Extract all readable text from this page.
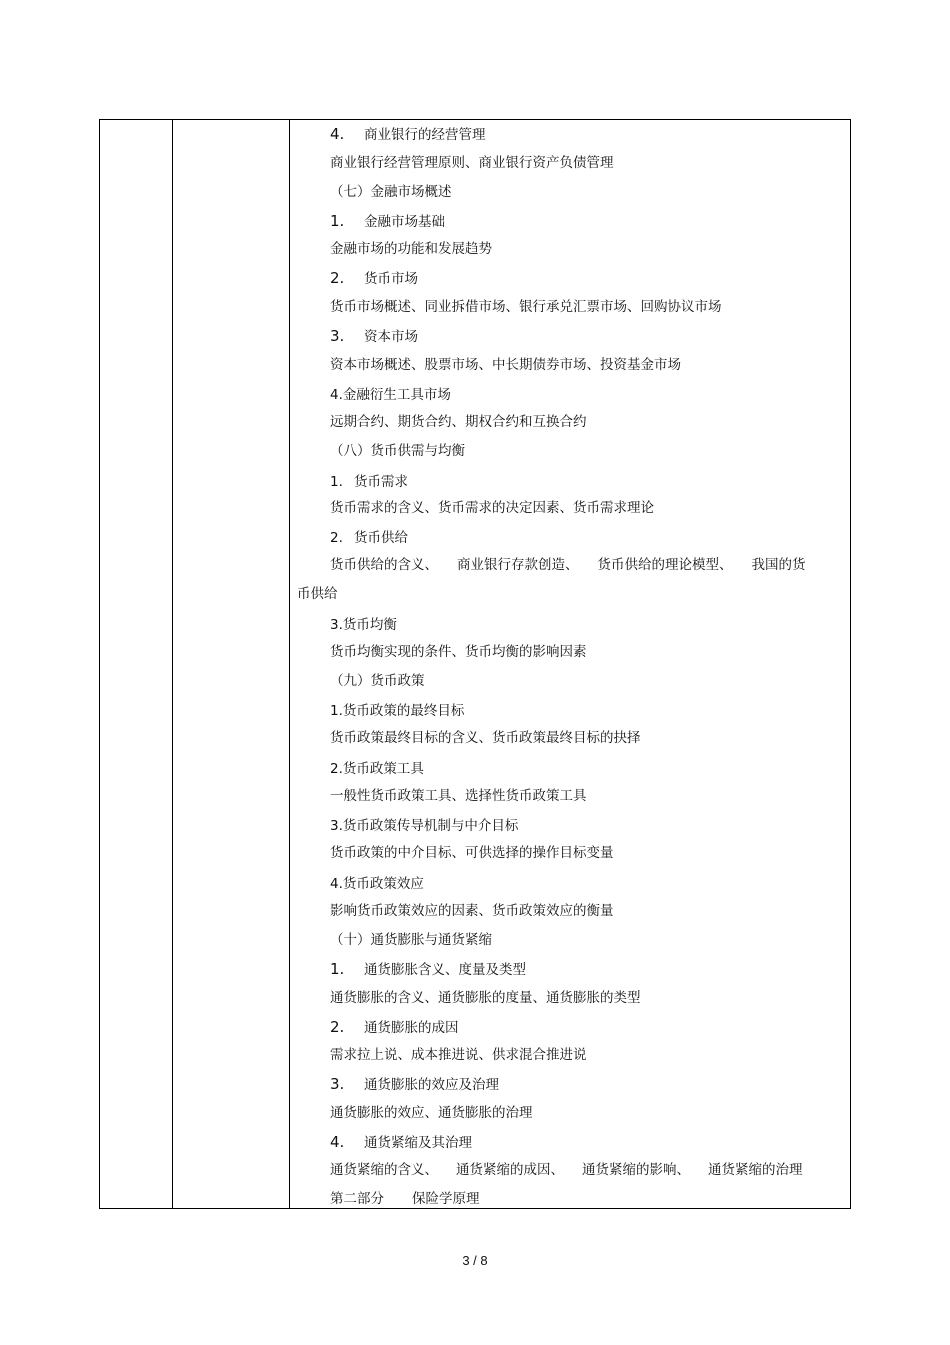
4. 商业银行的经营管理
商业银行经营管理原则、商业银行资产负债管理
（七）金融市场概述
1. 金融市场基础
金融市场的功能和发展趋势
2. 货币市场
货币市场概述、同业拆借市场、银行承兑汇票市场、回购协议市场
3. 资本市场
资本市场概述、股票市场、中长期债券市场、投资基金市场
4.金融衍生工具市场
远期合约、期货合约、期权合约和互换合约
（八）货币供需与均衡
1. 货币需求
货币需求的含义、货币需求的决定因素、货币需求理论
2. 货币供给
货币供给的含义、 商业银行存款创造、 货币供给的理论模型、 我国的货
币供给
3.货币均衡
货币均衡实现的条件、货币均衡的影响因素
（九）货币政策
1.货币政策的最终目标
货币政策最终目标的含义、货币政策最终目标的抉择
2.货币政策工具
一般性货币政策工具、选择性货币政策工具
3.货币政策传导机制与中介目标
货币政策的中介目标、可供选择的操作目标变量
4.货币政策效应
影响货币政策效应的因素、货币政策效应的衡量
（十）通货膨胀与通货紧缩
1. 通货膨胀含义、度量及类型
通货膨胀的含义、通货膨胀的度量、通货膨胀的类型
2. 通货膨胀的成因
需求拉上说、成本推进说、供求混合推进说
3. 通货膨胀的效应及治理
通货膨胀的效应、通货膨胀的治理
4. 通货紧缩及其治理
通货紧缩的含义、 通货紧缩的成因、 通货紧缩的影响、 通货紧缩的治理
第二部分 保险学原理
3 / 8
